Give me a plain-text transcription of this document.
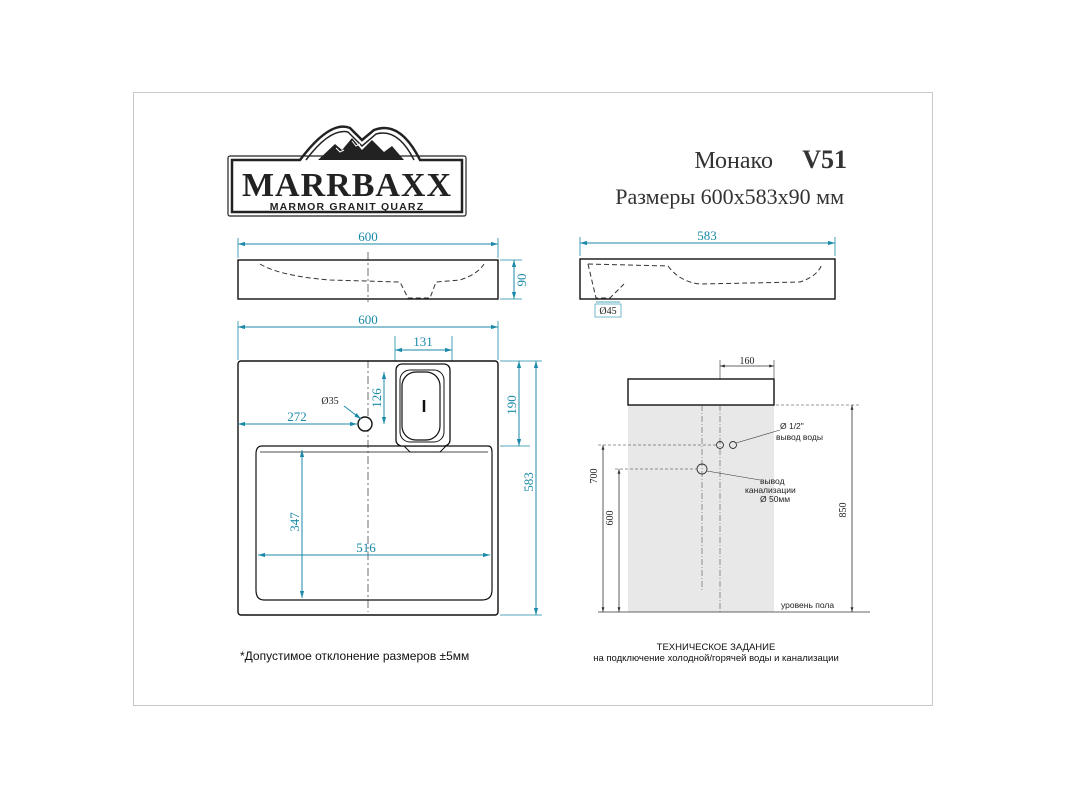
MARRBAXX
MARMOR GRANIT QUARZ
Монако V51
Размеры 600х583х90 мм
600
90
583
Ø45
600
131
126
Ø35
272
190
583
347
516
160
Ø 1/2"
вывод воды
вывод
канализации
Ø 50мм
700
600
850
уровень пола
*Допустимое отклонение размеров ±5мм
ТЕХНИЧЕСКОЕ ЗАДАНИЕ
на подключение холодной/горячей воды и канализации
